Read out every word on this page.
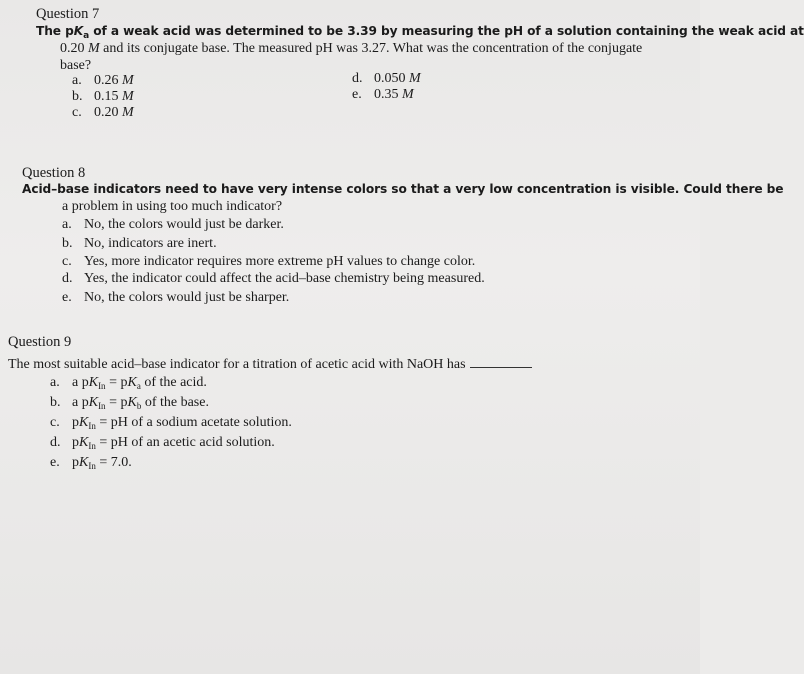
Question 7
The $pK_a$ of a weak acid was determined to be 3.39 by measuring the pH of a solution containing the weak acid at
0.20 M and its conjugate base. The measured pH was 3.27. What was the concentration of the conjugate
base?
a. 0.26 M
b. 0.15 M
c. 0.20 M
d. 0.050 M
e. 0.35 M
Question 8
Acid–base indicators need to have very intense colors so that a very low concentration is visible. Could there be
a problem in using too much indicator?
a. No, the colors would just be darker.
b. No, indicators are inert.
c. Yes, more indicator requires more extreme pH values to change color.
d. Yes, the indicator could affect the acid–base chemistry being measured.
e. No, the colors would just be sharper.
Question 9
The most suitable acid–base indicator for a titration of acetic acid with NaOH has
a. a $pK_{In} = pK_a$ of the acid.
b. a $pK_{In} = pK_b$ of the base.
c. $pK_{In}$ = pH of a sodium acetate solution.
d. $pK_{In}$ = pH of an acetic acid solution.
e. $pK_{In} = 7.0$.
